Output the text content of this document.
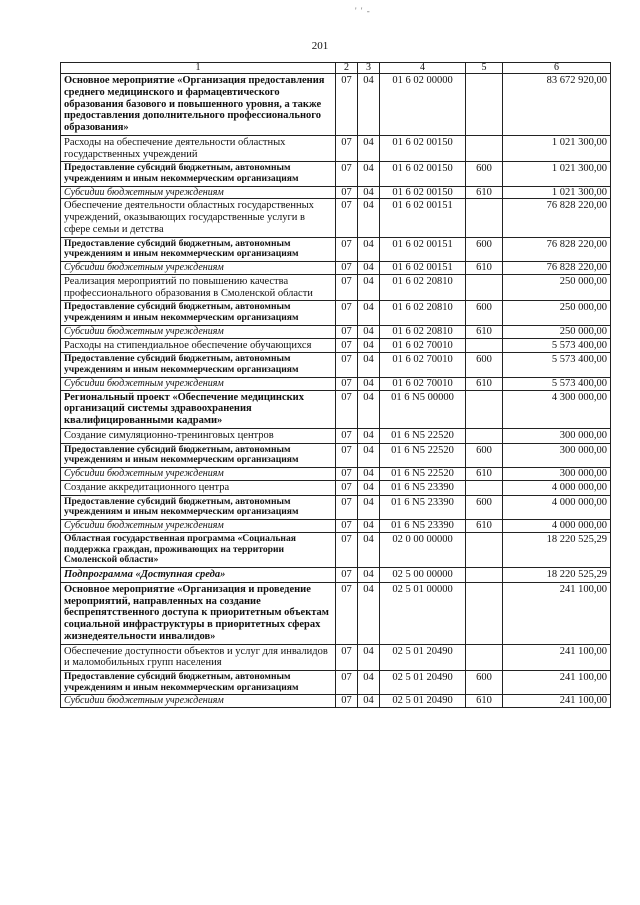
' ' -
201
1	2	3	4	5	6
Основное мероприятие «Организация предоставления среднего медицинского и фармацевтического образования базового и повышенного уровня, а также предоставления дополнительного профессионального образования»	07	04	01 6 02 00000		83 672 920,00
Расходы на обеспечение деятельности областных государственных учреждений	07	04	01 6 02 00150		1 021 300,00
Предоставление субсидий бюджетным, автономным учреждениям и иным некоммерческим организациям	07	04	01 6 02 00150	600	1 021 300,00
Субсидии бюджетным учреждениям	07	04	01 6 02 00150	610	1 021 300,00
Обеспечение деятельности областных государственных учреждений, оказывающих государственные услуги в сфере семьи и детства	07	04	01 6 02 00151		76 828 220,00
Предоставление субсидий бюджетным, автономным учреждениям и иным некоммерческим организациям	07	04	01 6 02 00151	600	76 828 220,00
Субсидии бюджетным учреждениям	07	04	01 6 02 00151	610	76 828 220,00
Реализация мероприятий по повышению качества профессионального образования в Смоленской области	07	04	01 6 02 20810		250 000,00
Предоставление субсидий бюджетным, автономным учреждениям и иным некоммерческим организациям	07	04	01 6 02 20810	600	250 000,00
Субсидии бюджетным учреждениям	07	04	01 6 02 20810	610	250 000,00
Расходы на стипендиальное обеспечение обучающихся	07	04	01 6 02 70010		5 573 400,00
Предоставление субсидий бюджетным, автономным учреждениям и иным некоммерческим организациям	07	04	01 6 02 70010	600	5 573 400,00
Субсидии бюджетным учреждениям	07	04	01 6 02 70010	610	5 573 400,00
Региональный проект «Обеспечение медицинских организаций системы здравоохранения квалифицированными кадрами»	07	04	01 6 N5 00000		4 300 000,00
Создание симуляционно-тренинговых центров	07	04	01 6 N5 22520		300 000,00
Предоставление субсидий бюджетным, автономным учреждениям и иным некоммерческим организациям	07	04	01 6 N5 22520	600	300 000,00
Субсидии бюджетным учреждениям	07	04	01 6 N5 22520	610	300 000,00
Создание аккредитационного центра	07	04	01 6 N5 23390		4 000 000,00
Предоставление субсидий бюджетным, автономным учреждениям и иным некоммерческим организациям	07	04	01 6 N5 23390	600	4 000 000,00
Субсидии бюджетным учреждениям	07	04	01 6 N5 23390	610	4 000 000,00
Областная государственная программа «Социальная поддержка граждан, проживающих на территории Смоленской области»	07	04	02 0 00 00000		18 220 525,29
Подпрограмма «Доступная среда»	07	04	02 5 00 00000		18 220 525,29
Основное мероприятие «Организация и проведение мероприятий, направленных на создание беспрепятственного доступа к приоритетным объектам социальной инфраструктуры в приоритетных сферах жизнедеятельности инвалидов»	07	04	02 5 01 00000		241 100,00
Обеспечение доступности объектов и услуг для инвалидов и маломобильных групп населения	07	04	02 5 01 20490		241 100,00
Предоставление субсидий бюджетным, автономным учреждениям и иным некоммерческим организациям	07	04	02 5 01 20490	600	241 100,00
Субсидии бюджетным учреждениям	07	04	02 5 01 20490	610	241 100,00
